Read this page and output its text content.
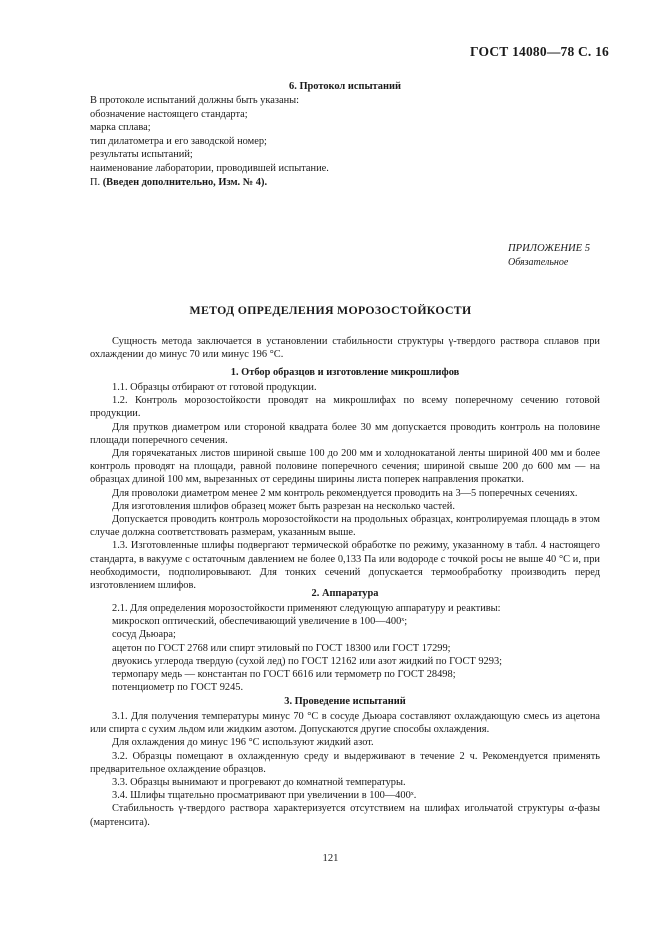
ГОСТ 14080—78 С. 16
6. Протокол испытаний
В протоколе испытаний должны быть указаны:
обозначение настоящего стандарта;
марка сплава;
тип дилатометра и его заводской номер;
результаты испытаний;
наименование лаборатории, проводившей испытание.
П. (Введен дополнительно, Изм. № 4).
ПРИЛОЖЕНИЕ 5
Обязательное
МЕТОД ОПРЕДЕЛЕНИЯ МОРОЗОСТОЙКОСТИ
Сущность метода заключается в установлении стабильности структуры γ-твердого раствора сплавов при охлаждении до минус 70 или минус 196 °С.
1. Отбор образцов и изготовление микрошлифов
1.1. Образцы отбирают от готовой продукции.
1.2. Контроль морозостойкости проводят на микрошлифах по всему поперечному сечению готовой продукции.
Для прутков диаметром или стороной квадрата более 30 мм допускается проводить контроль на половине площади поперечного сечения.
Для горячекатаных листов шириной свыше 100 до 200 мм и холоднокатаной ленты шириной 400 мм и более контроль проводят на площади, равной половине поперечного сечения; шириной свыше 200 до 600 мм — на образцах длиной 100 мм, вырезанных от середины ширины листа поперек направления прокатки.
Для проволоки диаметром менее 2 мм контроль рекомендуется проводить на 3—5 поперечных сечениях.
Для изготовления шлифов образец может быть разрезан на несколько частей.
Допускается проводить контроль морозостойкости на продольных образцах, контролируемая площадь в этом случае должна соответствовать размерам, указанным выше.
1.3. Изготовленные шлифы подвергают термической обработке по режиму, указанному в табл. 4 настоящего стандарта, в вакууме с остаточным давлением не более 0,133 Па или водороде с точкой росы не выше 40 °С и, при необходимости, подполировывают. Для тонких сечений допускается термообработку производить перед изготовлением шлифов.
2. Аппаратура
2.1. Для определения морозостойкости применяют следующую аппаратуру и реактивы:
микроскоп оптический, обеспечивающий увеличение в 100—400ˣ;
сосуд Дьюара;
ацетон по ГОСТ 2768 или спирт этиловый по ГОСТ 18300 или ГОСТ 17299;
двуокись углерода твердую (сухой лед) по ГОСТ 12162 или азот жидкий по ГОСТ 9293;
термопару медь — константан по ГОСТ 6616 или термометр по ГОСТ 28498;
потенциометр по ГОСТ 9245.
3. Проведение испытаний
3.1. Для получения температуры минус 70 °С в сосуде Дьюара составляют охлаждающую смесь из ацетона или спирта с сухим льдом или жидким азотом. Допускаются другие способы охлаждения.
Для охлаждения до минус 196 °С используют жидкий азот.
3.2. Образцы помещают в охлажденную среду и выдерживают в течение 2 ч. Рекомендуется применять предварительное охлаждение образцов.
3.3. Образцы вынимают и прогревают до комнатной температуры.
3.4. Шлифы тщательно просматривают при увеличении в 100—400ˣ.
Стабильность γ-твердого раствора характеризуется отсутствием на шлифах игольчатой структуры α-фазы (мартенсита).
121
